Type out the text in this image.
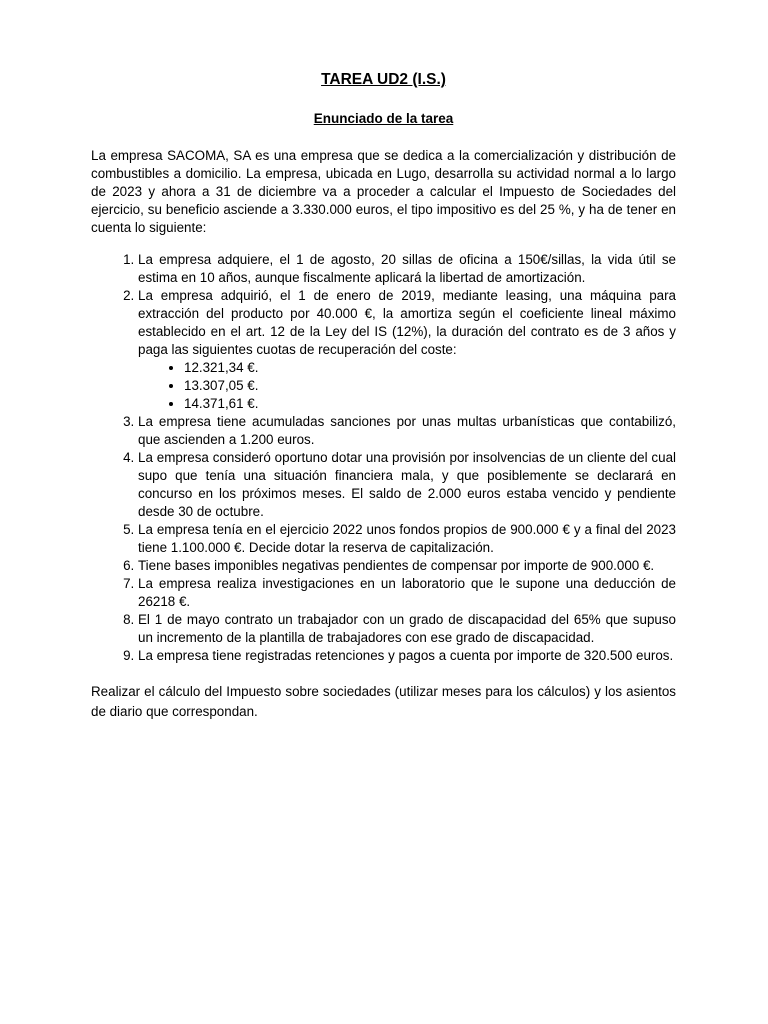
TAREA UD2 (I.S.)
Enunciado de la tarea

La empresa SACOMA, SA es una empresa que se dedica a la comercialización y distribución de combustibles a domicilio. La empresa, ubicada en Lugo, desarrolla su actividad normal a lo largo de 2023 y ahora a 31 de diciembre va a proceder a calcular el Impuesto de Sociedades del ejercicio, su beneficio asciende a 3.330.000 euros, el tipo impositivo es del 25 %, y ha de tener en cuenta lo siguiente:

1. La empresa adquiere, el 1 de agosto, 20 sillas de oficina a 150€/sillas, la vida útil se estima en 10 años, aunque fiscalmente aplicará la libertad de amortización.
2. La empresa adquirió, el 1 de enero de 2019, mediante leasing, una máquina para extracción del producto por 40.000 €, la amortiza según el coeficiente lineal máximo establecido en el art. 12 de la Ley del IS (12%), la duración del contrato es de 3 años y paga las siguientes cuotas de recuperación del coste:
• 12.321,34 €.
• 13.307,05 €.
• 14.371,61 €.
3. La empresa tiene acumuladas sanciones por unas multas urbanísticas que contabilizó, que ascienden a 1.200 euros.
4. La empresa consideró oportuno dotar una provisión por insolvencias de un cliente del cual supo que tenía una situación financiera mala, y que posiblemente se declarará en concurso en los próximos meses. El saldo de 2.000 euros estaba vencido y pendiente desde 30 de octubre.
5. La empresa tenía en el ejercicio 2022 unos fondos propios de 900.000 € y a final del 2023 tiene 1.100.000 €. Decide dotar la reserva de capitalización.
6. Tiene bases imponibles negativas pendientes de compensar por importe de 900.000 €.
7. La empresa realiza investigaciones en un laboratorio que le supone una deducción de 26218 €.
8. El 1 de mayo contrato un trabajador con un grado de discapacidad del 65% que supuso un incremento de la plantilla de trabajadores con ese grado de discapacidad.
9. La empresa tiene registradas retenciones y pagos a cuenta por importe de 320.500 euros.

Realizar el cálculo del Impuesto sobre sociedades (utilizar meses para los cálculos) y los asientos de diario que correspondan.
